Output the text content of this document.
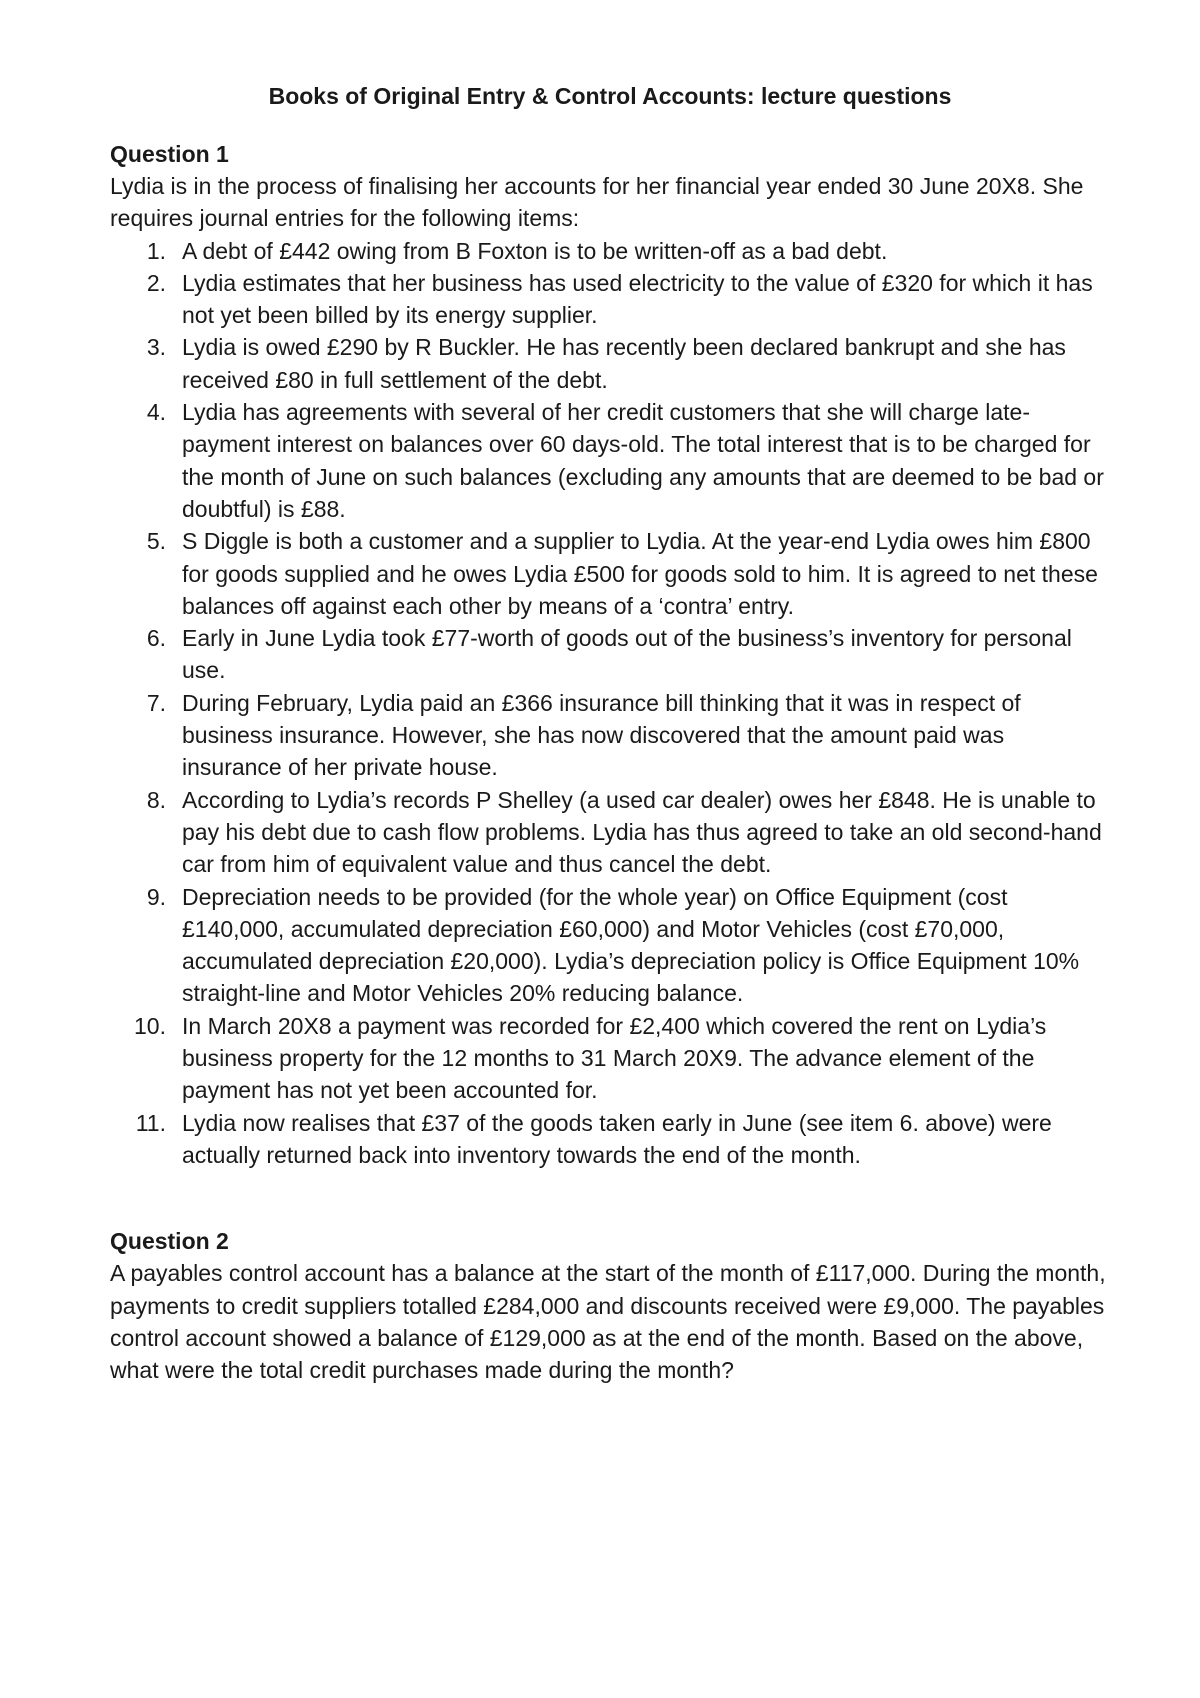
Books of Original Entry & Control Accounts: lecture questions
Question 1

Lydia is in the process of finalising her accounts for her financial year ended 30 June 20X8. She requires journal entries for the following items:

1. A debt of £442 owing from B Foxton is to be written-off as a bad debt.
2. Lydia estimates that her business has used electricity to the value of £320 for which it has not yet been billed by its energy supplier.
3. Lydia is owed £290 by R Buckler. He has recently been declared bankrupt and she has received £80 in full settlement of the debt.
4. Lydia has agreements with several of her credit customers that she will charge late-payment interest on balances over 60 days-old. The total interest that is to be charged for the month of June on such balances (excluding any amounts that are deemed to be bad or doubtful) is £88.
5. S Diggle is both a customer and a supplier to Lydia. At the year-end Lydia owes him £800 for goods supplied and he owes Lydia £500 for goods sold to him. It is agreed to net these balances off against each other by means of a ‘contra’ entry.
6. Early in June Lydia took £77-worth of goods out of the business’s inventory for personal use.
7. During February, Lydia paid an £366 insurance bill thinking that it was in respect of business insurance. However, she has now discovered that the amount paid was insurance of her private house.
8. According to Lydia’s records P Shelley (a used car dealer) owes her £848. He is unable to pay his debt due to cash flow problems. Lydia has thus agreed to take an old second-hand car from him of equivalent value and thus cancel the debt.
9. Depreciation needs to be provided (for the whole year) on Office Equipment (cost £140,000, accumulated depreciation £60,000) and Motor Vehicles (cost £70,000, accumulated depreciation £20,000). Lydia’s depreciation policy is Office Equipment 10% straight-line and Motor Vehicles 20% reducing balance.
10. In March 20X8 a payment was recorded for £2,400 which covered the rent on Lydia’s business property for the 12 months to 31 March 20X9. The advance element of the payment has not yet been accounted for.
11. Lydia now realises that £37 of the goods taken early in June (see item 6. above) were actually returned back into inventory towards the end of the month.
Question 2

A payables control account has a balance at the start of the month of £117,000. During the month, payments to credit suppliers totalled £284,000 and discounts received were £9,000. The payables control account showed a balance of £129,000 as at the end of the month. Based on the above, what were the total credit purchases made during the month?
